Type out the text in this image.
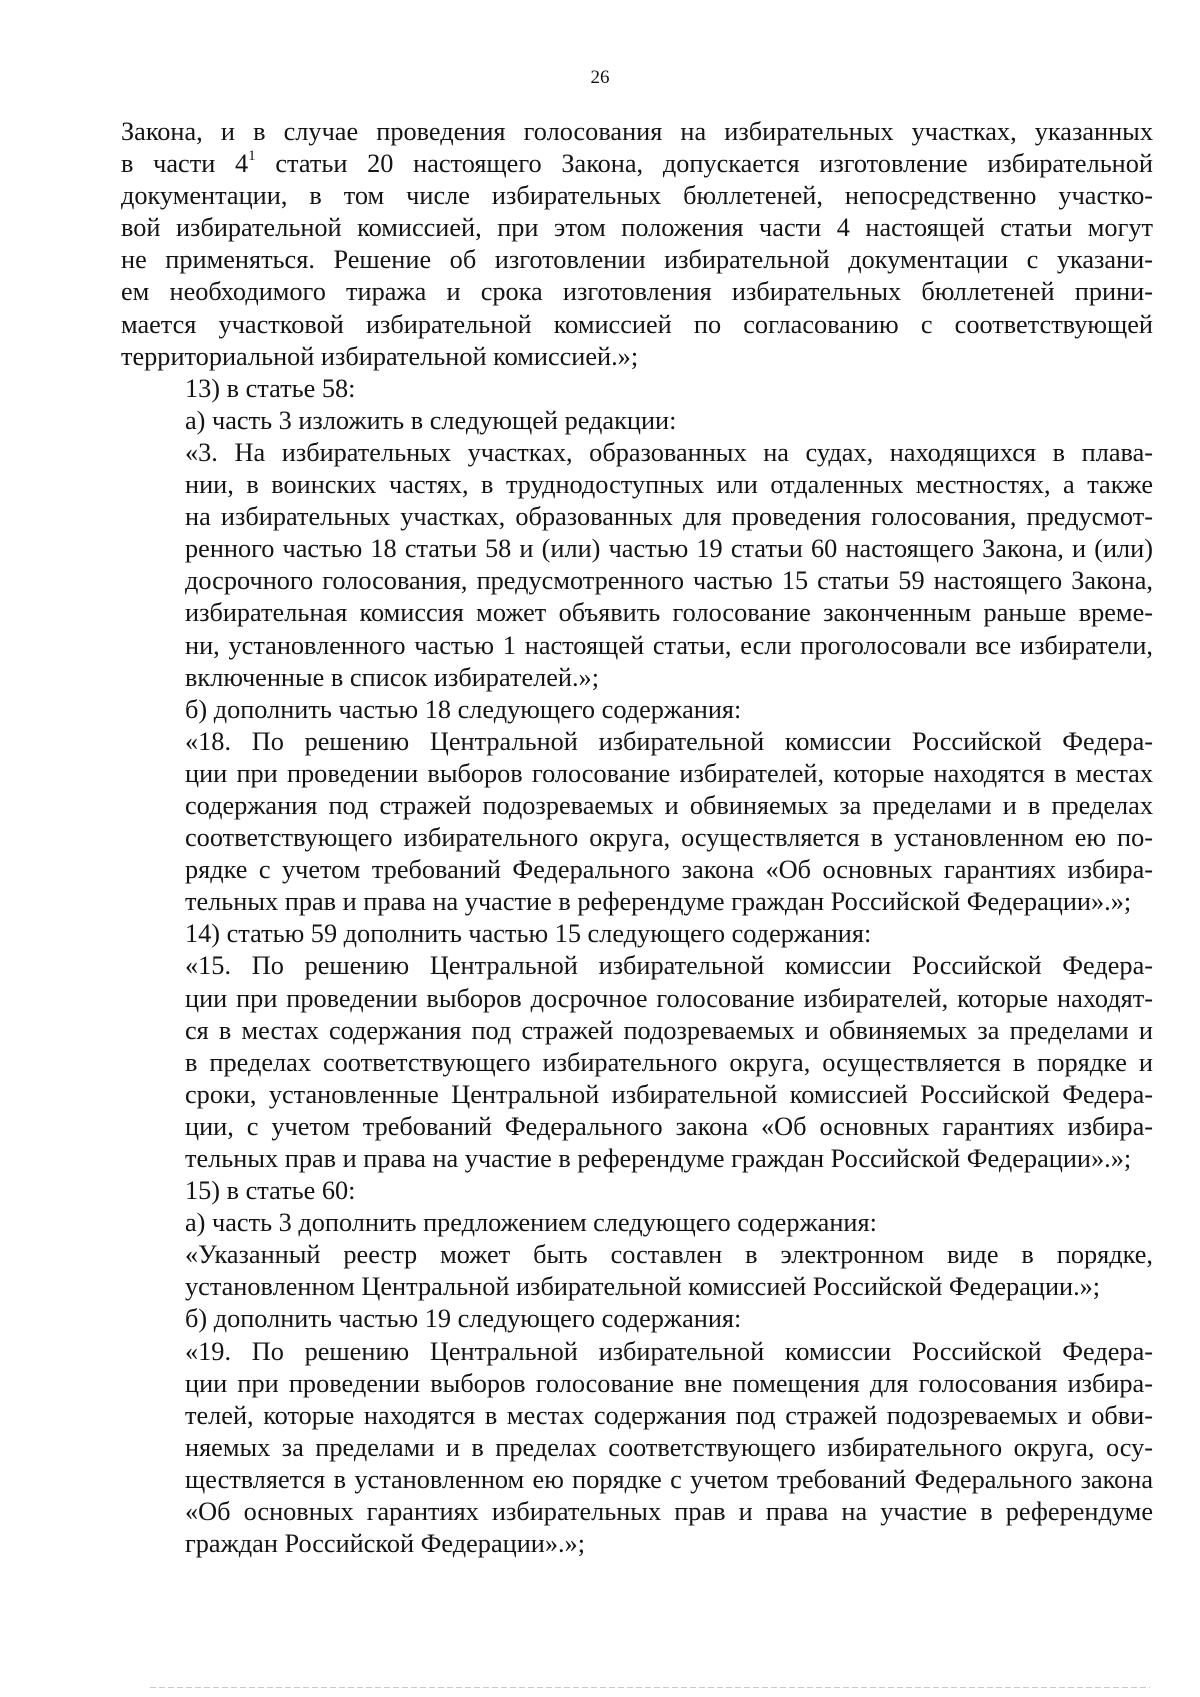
26

Закона, и в случае проведения голосования на избирательных участках, указанных
в части $4^1$ статьи 20 настоящего Закона, допускается изготовление избирательной
документации, в том числе избирательных бюллетеней, непосредственно участко-
вой избирательной комиссией, при этом положения части 4 настоящей статьи могут
не применяться. Решение об изготовлении избирательной документации с указани-
ем необходимого тиража и срока изготовления избирательных бюллетеней прини-
мается участковой избирательной комиссией по согласованию с соответствующей
территориальной избирательной комиссией.»;

13) в статье 58:

а) часть 3 изложить в следующей редакции:

«3. На избирательных участках, образованных на судах, находящихся в плава-
нии, в воинских частях, в труднодоступных или отдаленных местностях, а также
на избирательных участках, образованных для проведения голосования, предусмот-
ренного частью 18 статьи 58 и (или) частью 19 статьи 60 настоящего Закона, и (или)
досрочного голосования, предусмотренного частью 15 статьи 59 настоящего Закона,
избирательная комиссия может объявить голосование законченным раньше време-
ни, установленного частью 1 настоящей статьи, если проголосовали все избиратели,
включенные в список избирателей.»;

б) дополнить частью 18 следующего содержания:

«18. По решению Центральной избирательной комиссии Российской Федера-
ции при проведении выборов голосование избирателей, которые находятся в местах
содержания под стражей подозреваемых и обвиняемых за пределами и в пределах
соответствующего избирательного округа, осуществляется в установленном ею по-
рядке с учетом требований Федерального закона «Об основных гарантиях избира-
тельных прав и права на участие в референдуме граждан Российской Федерации».»;

14) статью 59 дополнить частью 15 следующего содержания:

«15. По решению Центральной избирательной комиссии Российской Федера-
ции при проведении выборов досрочное голосование избирателей, которые находят-
ся в местах содержания под стражей подозреваемых и обвиняемых за пределами и
в пределах соответствующего избирательного округа, осуществляется в порядке и
сроки, установленные Центральной избирательной комиссией Российской Федера-
ции, с учетом требований Федерального закона «Об основных гарантиях избира-
тельных прав и права на участие в референдуме граждан Российской Федерации».»;

15) в статье 60:

а) часть 3 дополнить предложением следующего содержания:

«Указанный реестр может быть составлен в электронном виде в порядке,
установленном Центральной избирательной комиссией Российской Федерации.»;

б) дополнить частью 19 следующего содержания:

«19. По решению Центральной избирательной комиссии Российской Федера-
ции при проведении выборов голосование вне помещения для голосования избира-
телей, которые находятся в местах содержания под стражей подозреваемых и обви-
няемых за пределами и в пределах соответствующего избирательного округа, осу-
ществляется в установленном ею порядке с учетом требований Федерального закона
«Об основных гарантиях избирательных прав и права на участие в референдуме
граждан Российской Федерации».»;
